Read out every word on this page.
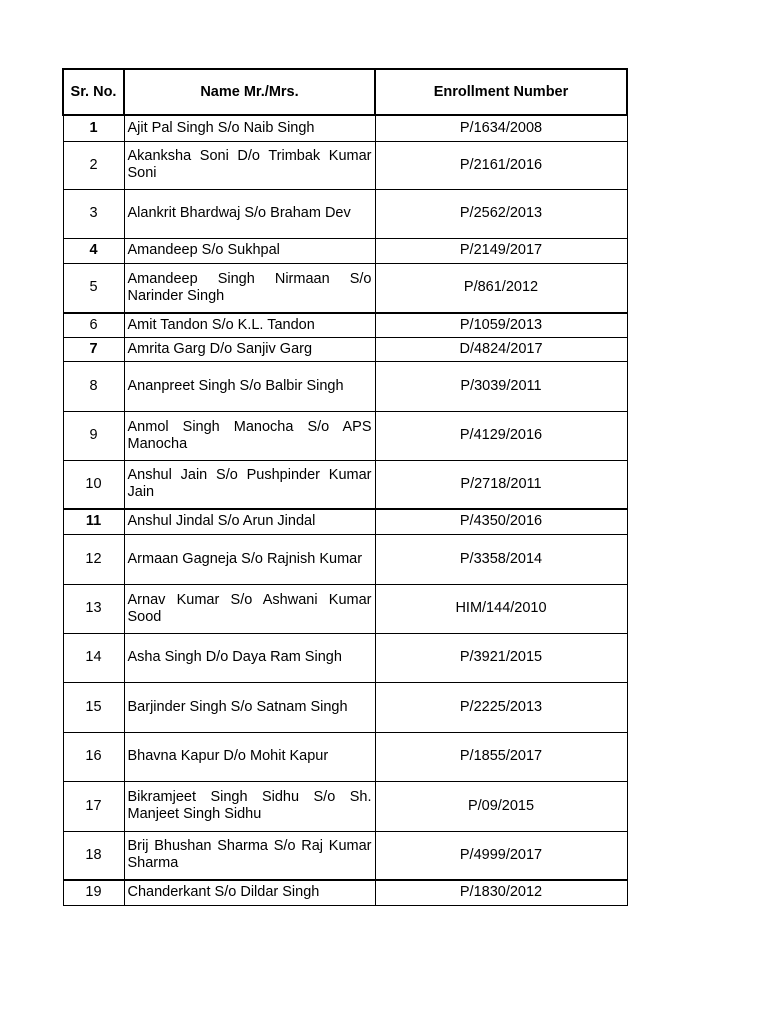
Sr. No.	Name Mr./Mrs.	Enrollment Number
1	Ajit Pal Singh S/o Naib Singh	P/1634/2008
2	Akanksha Soni D/o Trimbak Kumar Soni	P/2161/2016
3	Alankrit Bhardwaj S/o Braham Dev	P/2562/2013
4	Amandeep S/o Sukhpal	P/2149/2017
5	Amandeep Singh Nirmaan S/o Narinder Singh	P/861/2012
6	Amit Tandon S/o K.L. Tandon	P/1059/2013
7	Amrita Garg D/o Sanjiv Garg	D/4824/2017
8	Ananpreet Singh S/o Balbir Singh	P/3039/2011
9	Anmol Singh Manocha S/o APS Manocha	P/4129/2016
10	Anshul Jain S/o Pushpinder Kumar Jain	P/2718/2011
11	Anshul Jindal S/o Arun Jindal	P/4350/2016
12	Armaan Gagneja S/o Rajnish Kumar	P/3358/2014
13	Arnav Kumar S/o Ashwani Kumar Sood	HIM/144/2010
14	Asha Singh D/o Daya Ram Singh	P/3921/2015
15	Barjinder Singh S/o Satnam Singh	P/2225/2013
16	Bhavna Kapur D/o Mohit Kapur	P/1855/2017
17	Bikramjeet Singh Sidhu S/o Sh. Manjeet Singh Sidhu	P/09/2015
18	Brij Bhushan Sharma S/o Raj Kumar Sharma	P/4999/2017
19	Chanderkant S/o Dildar Singh	P/1830/2012
